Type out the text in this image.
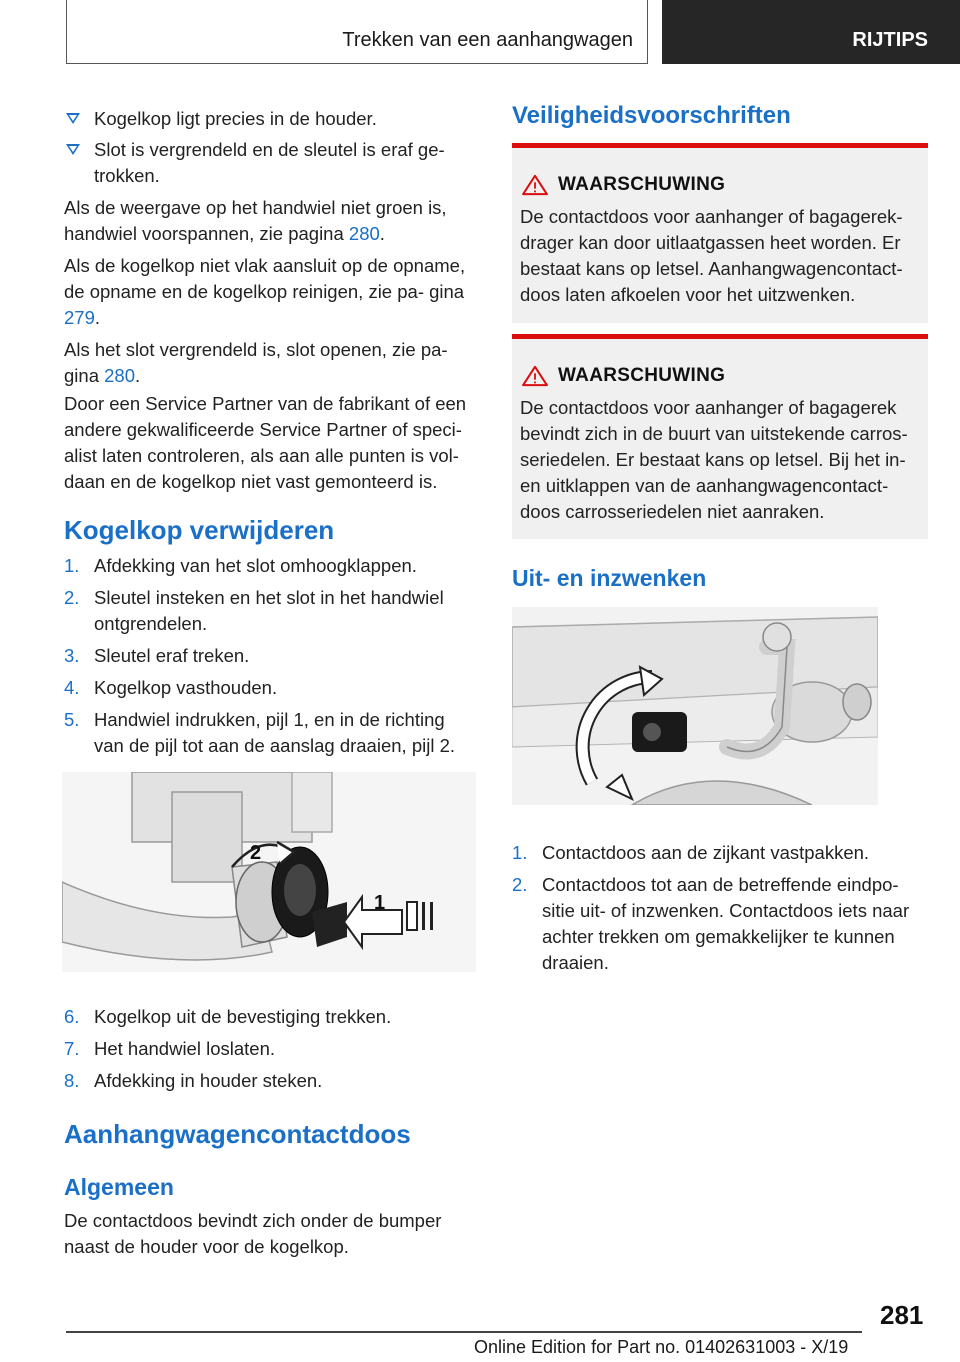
Trekken van een aanhangwagen	RIJTIPS
Kogelkop ligt precies in de houder.
Slot is vergrendeld en de sleutel is eraf ge-
trokken.
Als de weergave op het handwiel niet groen is, handwiel voorspannen, zie pagina 280.
Als de kogelkop niet vlak aansluit op de opname, de opname en de kogelkop reinigen, zie pa- gina 279.
Als het slot vergrendeld is, slot openen, zie pa- gina 280.
Door een Service Partner van de fabrikant of een andere gekwalificeerde Service Partner of speci- alist laten controleren, als aan alle punten is vol- daan en de kogelkop niet vast gemonteerd is.
Kogelkop verwijderen
1. Afdekking van het slot omhoogklappen.
2. Sleutel insteken en het slot in het handwiel ontgrendelen.
3. Sleutel eraf treken.
4. Kogelkop vasthouden.
5. Handwiel indrukken, pijl 1, en in de richting van de pijl tot aan de aanslag draaien, pijl 2.
2
1
6. Kogelkop uit de bevestiging trekken.
7. Het handwiel loslaten.
8. Afdekking in houder steken.
Aanhangwagencontactdoos
Algemeen
De contactdoos bevindt zich onder de bumper naast de houder voor de kogelkop.
Veiligheidsvoorschriften
WAARSCHUWING
De contactdoos voor aanhanger of bagagerek- drager kan door uitlaatgassen heet worden. Er bestaat kans op letsel. Aanhangwagencontact- doos laten afkoelen voor het uitzwenken.
WAARSCHUWING
De contactdoos voor aanhanger of bagagerek bevindt zich in de buurt van uitstekende carros- seriedelen. Er bestaat kans op letsel. Bij het in- en uitklappen van de aanhangwagencontact- doos carrosseriedelen niet aanraken.
Uit- en inzwenken
1. Contactdoos aan de zijkant vastpakken.
2. Contactdoos tot aan de betreffende eindpo- sitie uit- of inzwenken. Contactdoos iets naar achter trekken om gemakkelijker te kunnen draaien.
281
Online Edition for Part no. 01402631003 - X/19
